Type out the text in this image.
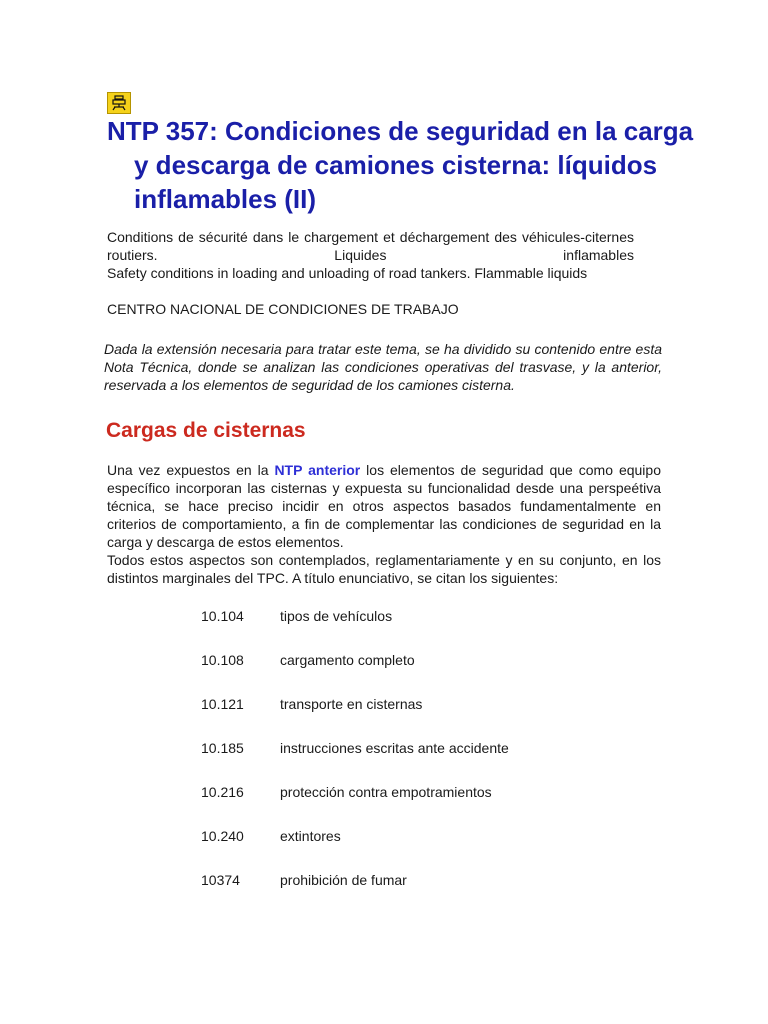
NTP 357: Condiciones de seguridad en la carga y descarga de camiones cisterna: líquidos inflamables (II)
Conditions de sécurité dans le chargement et déchargement des véhicules-citernes routiers. Liquides inflamables
Safety conditions in loading and unloading of road tankers. Flammable liquids

CENTRO NACIONAL DE CONDICIONES DE TRABAJO

Dada la extensión necesaria para tratar este tema, se ha dividido su contenido entre esta Nota Técnica, donde se analizan las condiciones operativas del trasvase, y la anterior, reservada a los elementos de seguridad de los camiones cisterna.

Cargas de cisternas

Una vez expuestos en la NTP anterior los elementos de seguridad que como equipo específico incorporan las cisternas y expuesta su funcionalidad desde una perspeétiva técnica, se hace preciso incidir en otros aspectos basados fundamentalmente en criterios de comportamiento, a fin de complementar las condiciones de seguridad en la carga y descarga de estos elementos.

Todos estos aspectos son contemplados, reglamentariamente y en su conjunto, en los distintos marginales del TPC. A título enunciativo, se citan los siguientes:

10.104	tipos de vehículos
10.108	cargamento completo
10.121	transporte en cisternas
10.185	instrucciones escritas ante accidente
10.216	protección contra empotramientos
10.240	extintores
10374	prohibición de fumar
